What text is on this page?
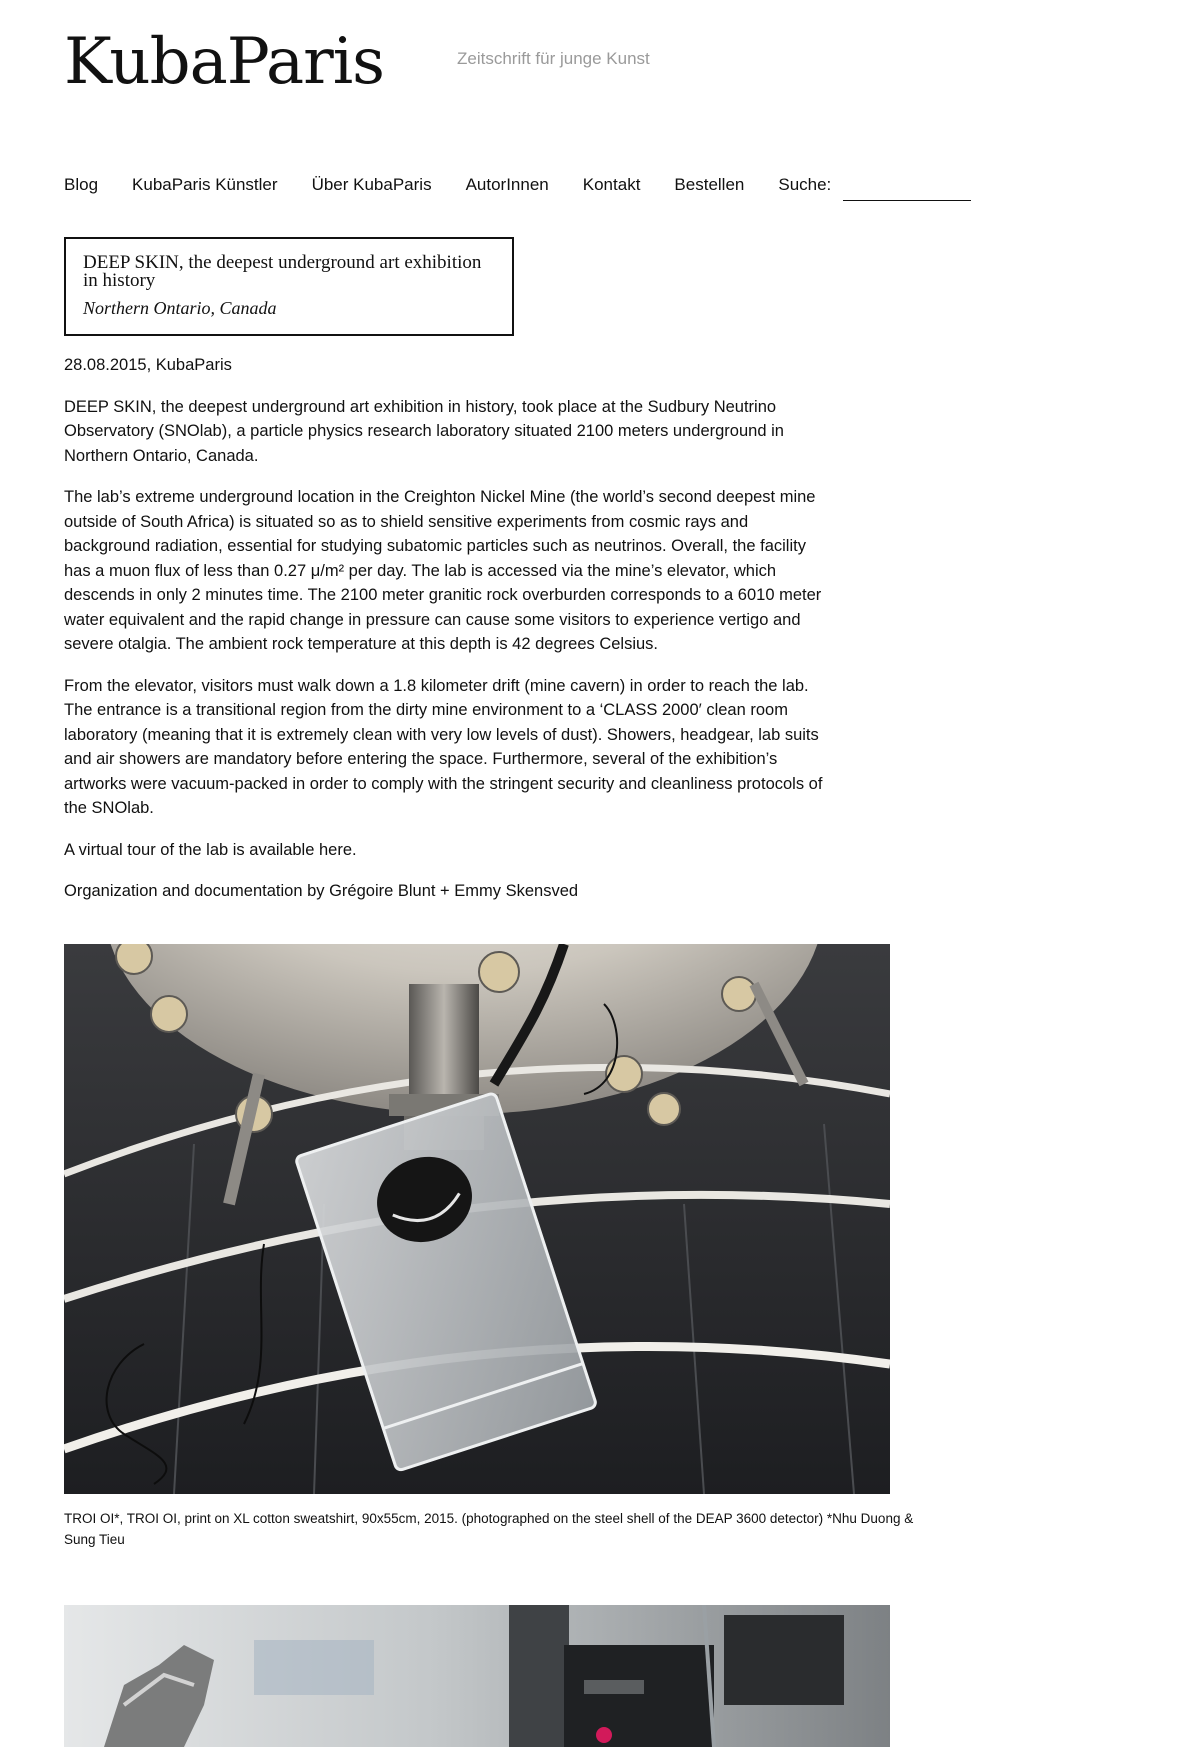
KubaParis	Zeitschrift für junge Kunst
Blog KubaParis Künstler Über KubaParis AutorInnen Kontakt Bestellen Suche:
DEEP SKIN, the deepest underground art exhibition in history
Northern Ontario, Canada

28.08.2015, KubaParis

DEEP SKIN, the deepest underground art exhibition in history, took place at the Sudbury Neutrino Observatory (SNOlab), a particle physics research laboratory situated 2100 meters underground in Northern Ontario, Canada.

The lab’s extreme underground location in the Creighton Nickel Mine (the world’s second deepest mine outside of South Africa) is situated so as to shield sensitive experiments from cosmic rays and background radiation, essential for studying subatomic particles such as neutrinos. Overall, the facility has a muon flux of less than 0.27 μ/m² per day. The lab is accessed via the mine’s elevator, which descends in only 2 minutes time. The 2100 meter granitic rock overburden corresponds to a 6010 meter water equivalent and the rapid change in pressure can cause some visitors to experience vertigo and severe otalgia. The ambient rock temperature at this depth is 42 degrees Celsius.

From the elevator, visitors must walk down a 1.8 kilometer drift (mine cavern) in order to reach the lab. The entrance is a transitional region from the dirty mine environment to a ‘CLASS 2000′ clean room laboratory (meaning that it is extremely clean with very low levels of dust). Showers, headgear, lab suits and air showers are mandatory before entering the space. Furthermore, several of the exhibition’s artworks were vacuum-packed in order to comply with the stringent security and cleanliness protocols of the SNOlab.

A virtual tour of the lab is available here.

Organization and documentation by Grégoire Blunt + Emmy Skensved

TROI OI*, TROI OI, print on XL cotton sweatshirt, 90x55cm, 2015. (photographed on the steel shell of the DEAP 3600 detector) *Nhu Duong & Sung Tieu
